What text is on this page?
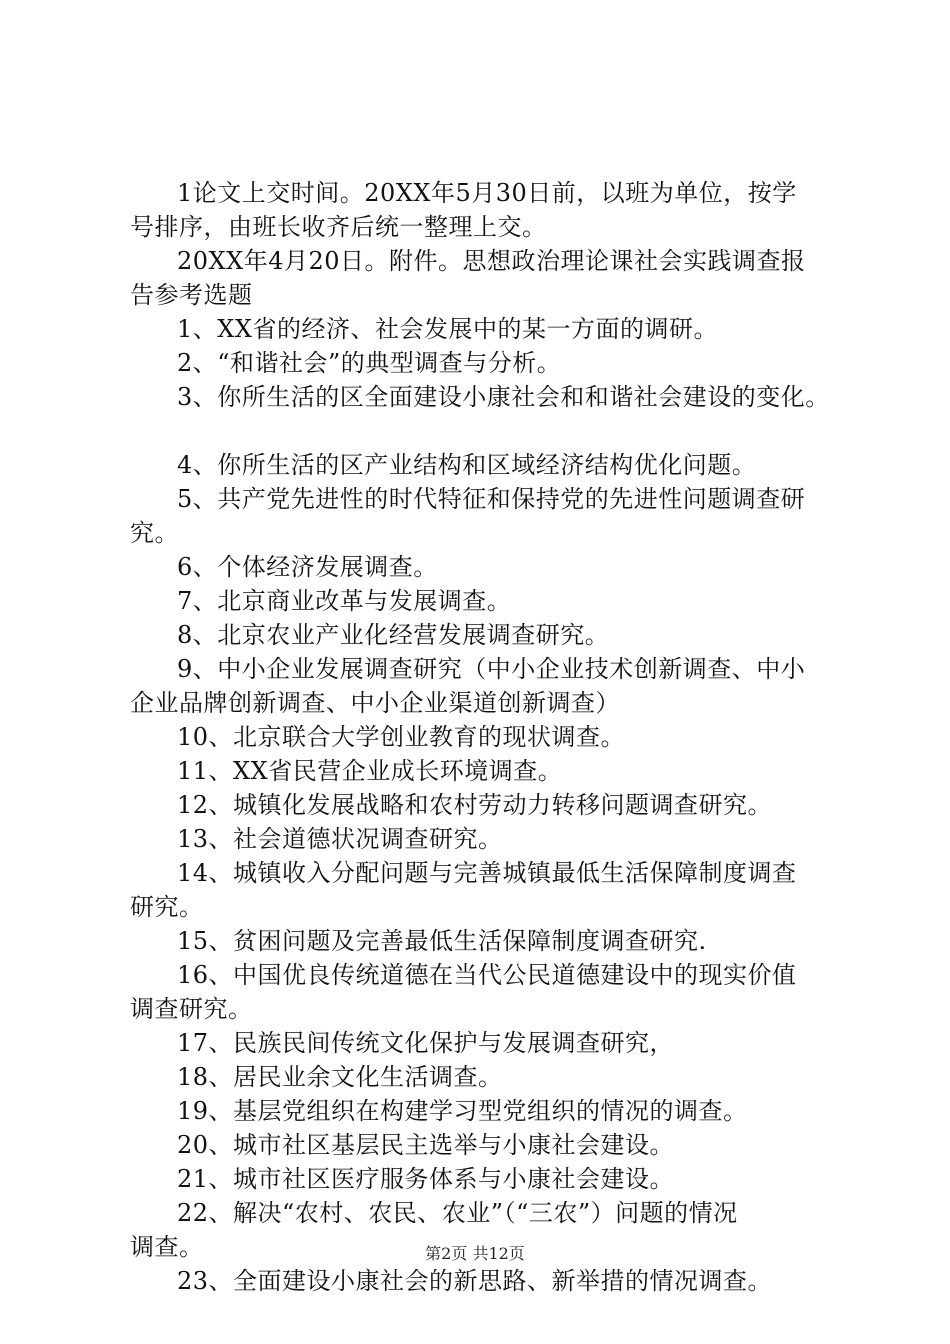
1论文上交时间。20XX年5月30日前，以班为单位，按学
号排序，由班长收齐后统一整理上交。
20XX年4月20日。附件。思想政治理论课社会实践调查报
告参考选题
1、XX省的经济、社会发展中的某一方面的调研。
2、“和谐社会”的典型调查与分析。
3、你所生活的区全面建设小康社会和和谐社会建设的变化。
4、你所生活的区产业结构和区域经济结构优化问题。
5、共产党先进性的时代特征和保持党的先进性问题调查研
究。
6、个体经济发展调查。
7、北京商业改革与发展调查。
8、北京农业产业化经营发展调查研究。
9、中小企业发展调查研究（中小企业技术创新调查、中小
企业品牌创新调查、中小企业渠道创新调查）
10、北京联合大学创业教育的现状调查。
11、XX省民营企业成长环境调查。
12、城镇化发展战略和农村劳动力转移问题调查研究。
13、社会道德状况调查研究。
14、城镇收入分配问题与完善城镇最低生活保障制度调查
研究。
15、贫困问题及完善最低生活保障制度调查研究.
16、中国优良传统道德在当代公民道德建设中的现实价值
调查研究。
17、民族民间传统文化保护与发展调查研究，
18、居民业余文化生活调查。
19、基层党组织在构建学习型党组织的情况的调查。
20、城市社区基层民主选举与小康社会建设。
21、城市社区医疗服务体系与小康社会建设。
22、解决“农村、农民、农业”（“三农”）问题的情况
调查。
23、全面建设小康社会的新思路、新举措的情况调查。
第2页 共12页
